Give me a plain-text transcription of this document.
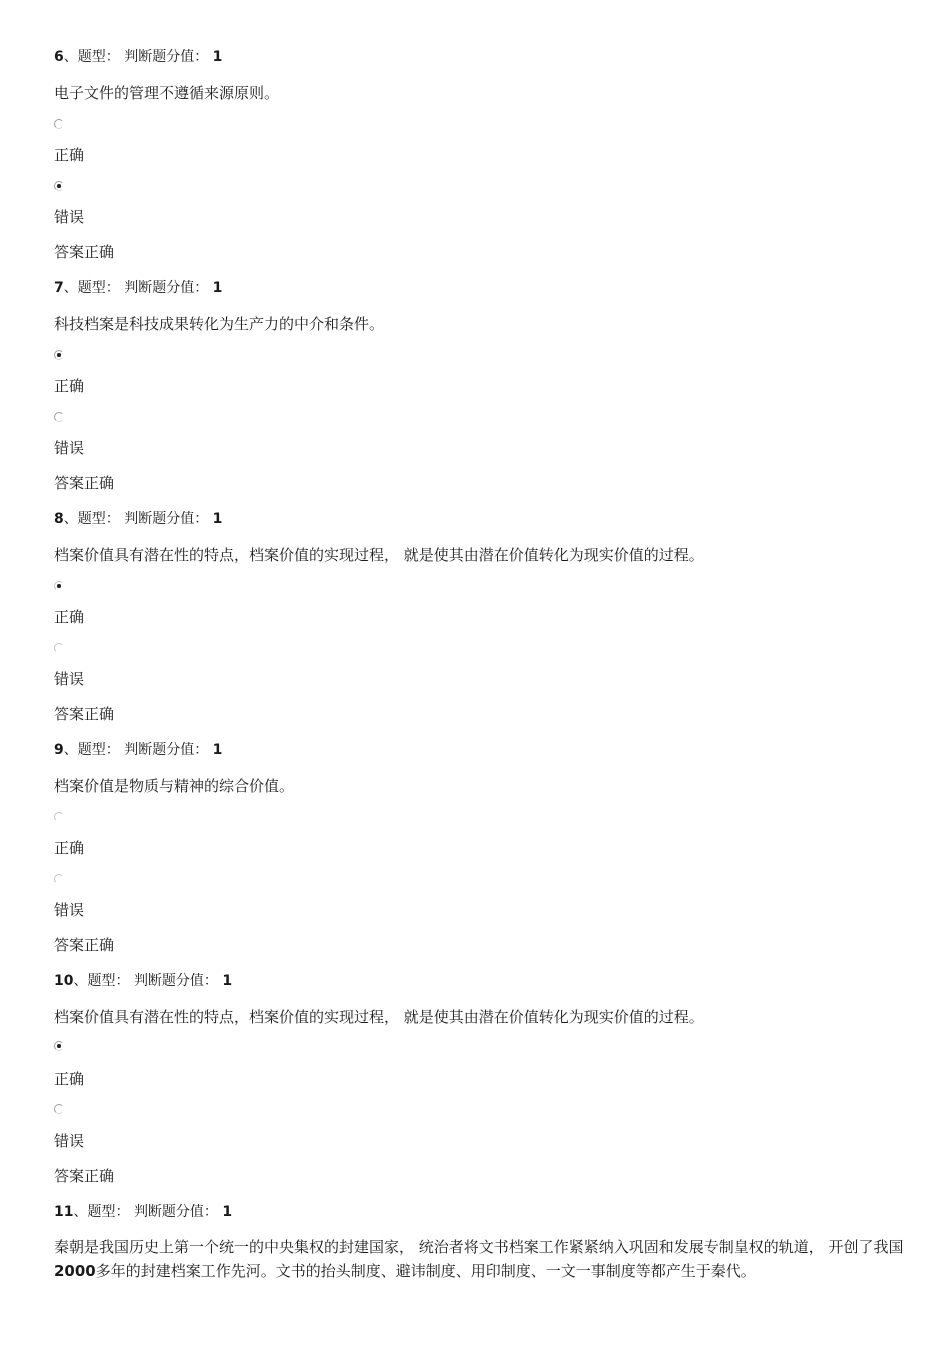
6、题型： 判断题分值： 1
电子文件的管理不遵循来源原则。
正确
错误
答案正确
7、题型： 判断题分值： 1
科技档案是科技成果转化为生产力的中介和条件。
正确
错误
答案正确
8、题型： 判断题分值： 1
档案价值具有潜在性的特点，档案价值的实现过程， 就是使其由潜在价值转化为现实价值的过程。
正确
错误
答案正确
9、题型： 判断题分值： 1
档案价值是物质与精神的综合价值。
正确
错误
答案正确
10、题型： 判断题分值： 1
档案价值具有潜在性的特点，档案价值的实现过程， 就是使其由潜在价值转化为现实价值的过程。
正确
错误
答案正确
11、题型： 判断题分值： 1
秦朝是我国历史上第一个统一的中央集权的封建国家， 统治者将文书档案工作紧紧纳入巩固和发展专制皇权的轨道， 开创了我国2000多年的封建档案工作先河。文书的抬头制度、避讳制度、用印制度、一文一事制度等都产生于秦代。
